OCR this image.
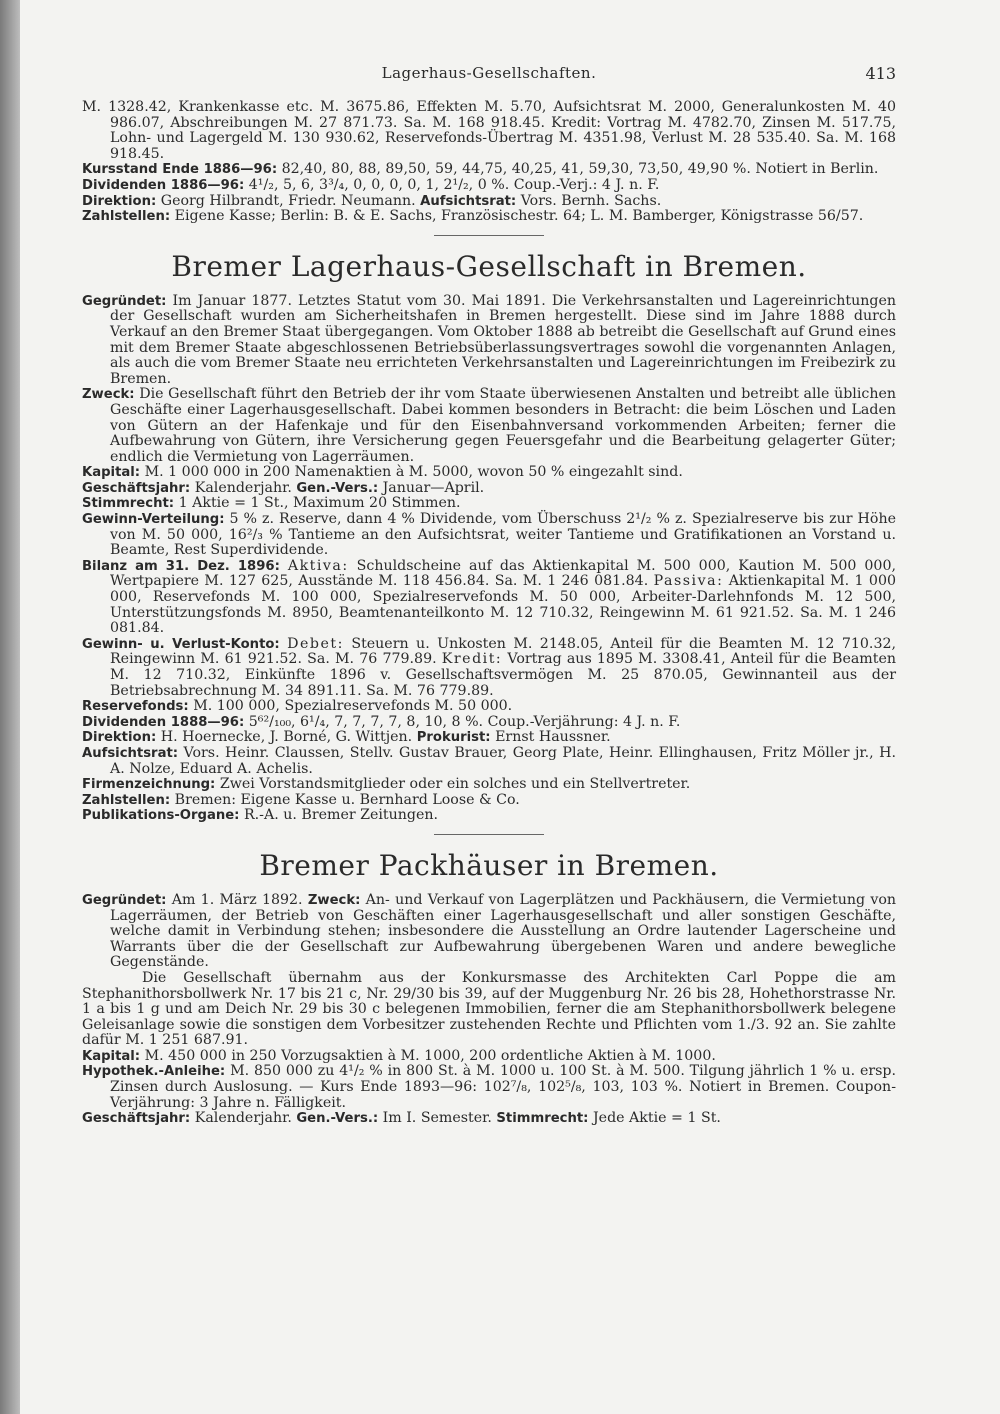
Lagerhaus-Gesellschaften.	413

M. 1328.42, Krankenkasse etc. M. 3675.86, Effekten M. 5.70, Aufsichtsrat M. 2000, Generalunkosten M. 40 986.07, Abschreibungen M. 27 871.73. Sa. M. 168 918.45. Kredit: Vortrag M. 4782.70, Zinsen M. 517.75, Lohn- und Lagergeld M. 130 930.62, Reservefonds-Übertrag M. 4351.98, Verlust M. 28 535.40. Sa. M. 168 918.45.

Kursstand Ende 1886—96: 82,40, 80, 88, 89,50, 59, 44,75, 40,25, 41, 59,30, 73,50, 49,90 %. Notiert in Berlin.

Dividenden 1886—96: 4¹/₂, 5, 6, 3³/₄, 0, 0, 0, 0, 1, 2¹/₂, 0 %. Coup.-Verj.: 4 J. n. F.

Direktion: Georg Hilbrandt, Friedr. Neumann. Aufsichtsrat: Vors. Bernh. Sachs.

Zahlstellen: Eigene Kasse; Berlin: B. & E. Sachs, Französischestr. 64; L. M. Bamberger, Königstrasse 56/57.

Bremer Lagerhaus-Gesellschaft in Bremen.

Gegründet: Im Januar 1877. Letztes Statut vom 30. Mai 1891. Die Verkehrsanstalten und Lagereinrichtungen der Gesellschaft wurden am Sicherheitshafen in Bremen hergestellt. Diese sind im Jahre 1888 durch Verkauf an den Bremer Staat übergegangen. Vom Oktober 1888 ab betreibt die Gesellschaft auf Grund eines mit dem Bremer Staate abgeschlossenen Betriebsüberlassungsvertrages sowohl die vorgenannten Anlagen, als auch die vom Bremer Staate neu errichteten Verkehrsanstalten und Lagereinrichtungen im Freibezirk zu Bremen.

Zweck: Die Gesellschaft führt den Betrieb der ihr vom Staate überwiesenen Anstalten und betreibt alle üblichen Geschäfte einer Lagerhausgesellschaft. Dabei kommen besonders in Betracht: die beim Löschen und Laden von Gütern an der Hafenkaje und für den Eisenbahnversand vorkommenden Arbeiten; ferner die Aufbewahrung von Gütern, ihre Versicherung gegen Feuersgefahr und die Bearbeitung gelagerter Güter; endlich die Vermietung von Lagerräumen.

Kapital: M. 1 000 000 in 200 Namenaktien à M. 5000, wovon 50 % eingezahlt sind.

Geschäftsjahr: Kalenderjahr. Gen.-Vers.: Januar—April.

Stimmrecht: 1 Aktie = 1 St., Maximum 20 Stimmen.

Gewinn-Verteilung: 5 % z. Reserve, dann 4 % Dividende, vom Überschuss 2¹/₂ % z. Spezialreserve bis zur Höhe von M. 50 000, 16²/₃ % Tantieme an den Aufsichtsrat, weiter Tantieme und Gratifikationen an Vorstand u. Beamte, Rest Superdividende.

Bilanz am 31. Dez. 1896: Aktiva: Schuldscheine auf das Aktienkapital M. 500 000, Kaution M. 500 000, Wertpapiere M. 127 625, Ausstände M. 118 456.84. Sa. M. 1 246 081.84. Passiva: Aktienkapital M. 1 000 000, Reservefonds M. 100 000, Spezialreservefonds M. 50 000, Arbeiter-Darlehnfonds M. 12 500, Unterstützungsfonds M. 8950, Beamtenanteilkonto M. 12 710.32, Reingewinn M. 61 921.52. Sa. M. 1 246 081.84.

Gewinn- u. Verlust-Konto: Debet: Steuern u. Unkosten M. 2148.05, Anteil für die Beamten M. 12 710.32, Reingewinn M. 61 921.52. Sa. M. 76 779.89. Kredit: Vortrag aus 1895 M. 3308.41, Anteil für die Beamten M. 12 710.32, Einkünfte 1896 v. Gesellschaftsvermögen M. 25 870.05, Gewinnanteil aus der Betriebsabrechnung M. 34 891.11. Sa. M. 76 779.89.

Reservefonds: M. 100 000, Spezialreservefonds M. 50 000.

Dividenden 1888—96: 5⁶²/₁₀₀, 6¹/₄, 7, 7, 7, 7, 8, 10, 8 %. Coup.-Verjährung: 4 J. n. F.

Direktion: H. Hoernecke, J. Borné, G. Wittjen. Prokurist: Ernst Haussner.

Aufsichtsrat: Vors. Heinr. Claussen, Stellv. Gustav Brauer, Georg Plate, Heinr. Ellinghausen, Fritz Möller jr., H. A. Nolze, Eduard A. Achelis.

Firmenzeichnung: Zwei Vorstandsmitglieder oder ein solches und ein Stellvertreter.

Zahlstellen: Bremen: Eigene Kasse u. Bernhard Loose & Co.

Publikations-Organe: R.-A. u. Bremer Zeitungen.

Bremer Packhäuser in Bremen.

Gegründet: Am 1. März 1892. Zweck: An- und Verkauf von Lagerplätzen und Packhäusern, die Vermietung von Lagerräumen, der Betrieb von Geschäften einer Lagerhausgesellschaft und aller sonstigen Geschäfte, welche damit in Verbindung stehen; insbesondere die Ausstellung an Ordre lautender Lagerscheine und Warrants über die der Gesellschaft zur Aufbewahrung übergebenen Waren und andere bewegliche Gegenstände.

Die Gesellschaft übernahm aus der Konkursmasse des Architekten Carl Poppe die am Stephanithorsbollwerk Nr. 17 bis 21 c, Nr. 29/30 bis 39, auf der Muggenburg Nr. 26 bis 28, Hohethorstrasse Nr. 1 a bis 1 g und am Deich Nr. 29 bis 30 c belegenen Immobilien, ferner die am Stephanithorsbollwerk belegene Geleisanlage sowie die sonstigen dem Vorbesitzer zustehenden Rechte und Pflichten vom 1./3. 92 an. Sie zahlte dafür M. 1 251 687.91.

Kapital: M. 450 000 in 250 Vorzugsaktien à M. 1000, 200 ordentliche Aktien à M. 1000.

Hypothek.-Anleihe: M. 850 000 zu 4¹/₂ % in 800 St. à M. 1000 u. 100 St. à M. 500. Tilgung jährlich 1 % u. ersp. Zinsen durch Auslosung. — Kurs Ende 1893—96: 102⁷/₈, 102⁵/₈, 103, 103 %. Notiert in Bremen. Coupon-Verjährung: 3 Jahre n. Fälligkeit.

Geschäftsjahr: Kalenderjahr. Gen.-Vers.: Im I. Semester. Stimmrecht: Jede Aktie = 1 St.
